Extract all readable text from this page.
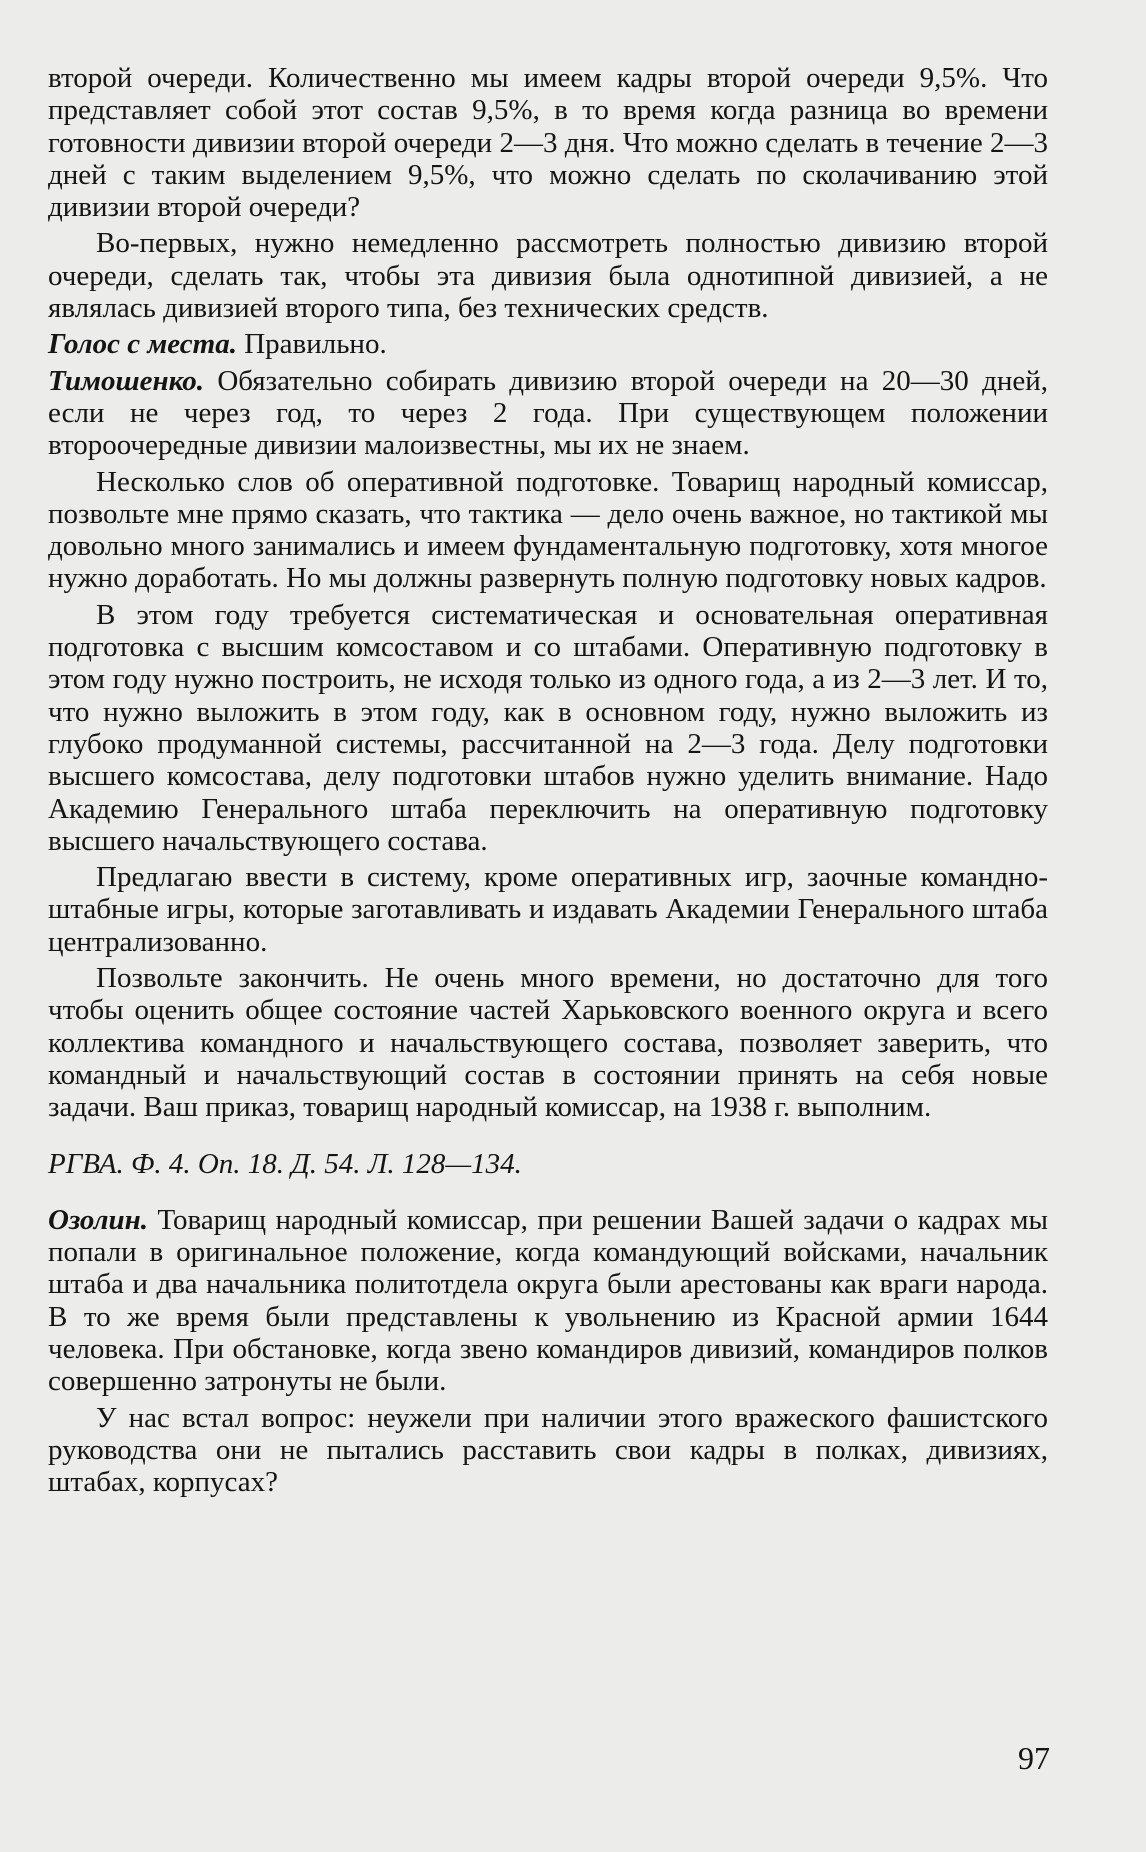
второй очереди. Количественно мы имеем кадры второй очереди 9,5%. Что представляет собой этот состав 9,5%, в то время когда разница во времени готовности дивизии второй очереди 2—3 дня. Что можно сделать в течение 2—3 дней с таким выделением 9,5%, что можно сделать по сколачиванию этой дивизии второй очереди?

Во-первых, нужно немедленно рассмотреть полностью дивизию второй очереди, сделать так, чтобы эта дивизия была однотипной дивизией, а не являлась дивизией второго типа, без технических средств.

Голос с места. Правильно.

Тимошенко. Обязательно собирать дивизию второй очереди на 20—30 дней, если не через год, то через 2 года. При существующем положении второочередные дивизии малоизвестны, мы их не знаем.

Несколько слов об оперативной подготовке. Товарищ народный комиссар, позвольте мне прямо сказать, что тактика — дело очень важное, но тактикой мы довольно много занимались и имеем фундаментальную подготовку, хотя многое нужно доработать. Но мы должны развернуть полную подготовку новых кадров.

В этом году требуется систематическая и основательная оперативная подготовка с высшим комсоставом и со штабами. Оперативную подготовку в этом году нужно построить, не исходя только из одного года, а из 2—3 лет. И то, что нужно выложить в этом году, как в основном году, нужно выложить из глубоко продуманной системы, рассчитанной на 2—3 года. Делу подготовки высшего комсостава, делу подготовки штабов нужно уделить внимание. Надо Академию Генерального штаба переключить на оперативную подготовку высшего начальствующего состава.

Предлагаю ввести в систему, кроме оперативных игр, заочные командно-штабные игры, которые заготавливать и издавать Академии Генерального штаба централизованно.

Позвольте закончить. Не очень много времени, но достаточно для того чтобы оценить общее состояние частей Харьковского военного округа и всего коллектива командного и начальствующего состава, позволяет заверить, что командный и начальствующий состав в состоянии принять на себя новые задачи. Ваш приказ, товарищ народный комиссар, на 1938 г. выполним.

РГВА. Ф. 4. Оп. 18. Д. 54. Л. 128—134.

Озолин. Товарищ народный комиссар, при решении Вашей задачи о кадрах мы попали в оригинальное положение, когда командующий войсками, начальник штаба и два начальника политотдела округа были арестованы как враги народа. В то же время были представлены к увольнению из Красной армии 1644 человека. При обстановке, когда звено командиров дивизий, командиров полков совершенно затронуты не были.

У нас встал вопрос: неужели при наличии этого вражеского фашистского руководства они не пытались расставить свои кадры в полках, дивизиях, штабах, корпусах?

97
